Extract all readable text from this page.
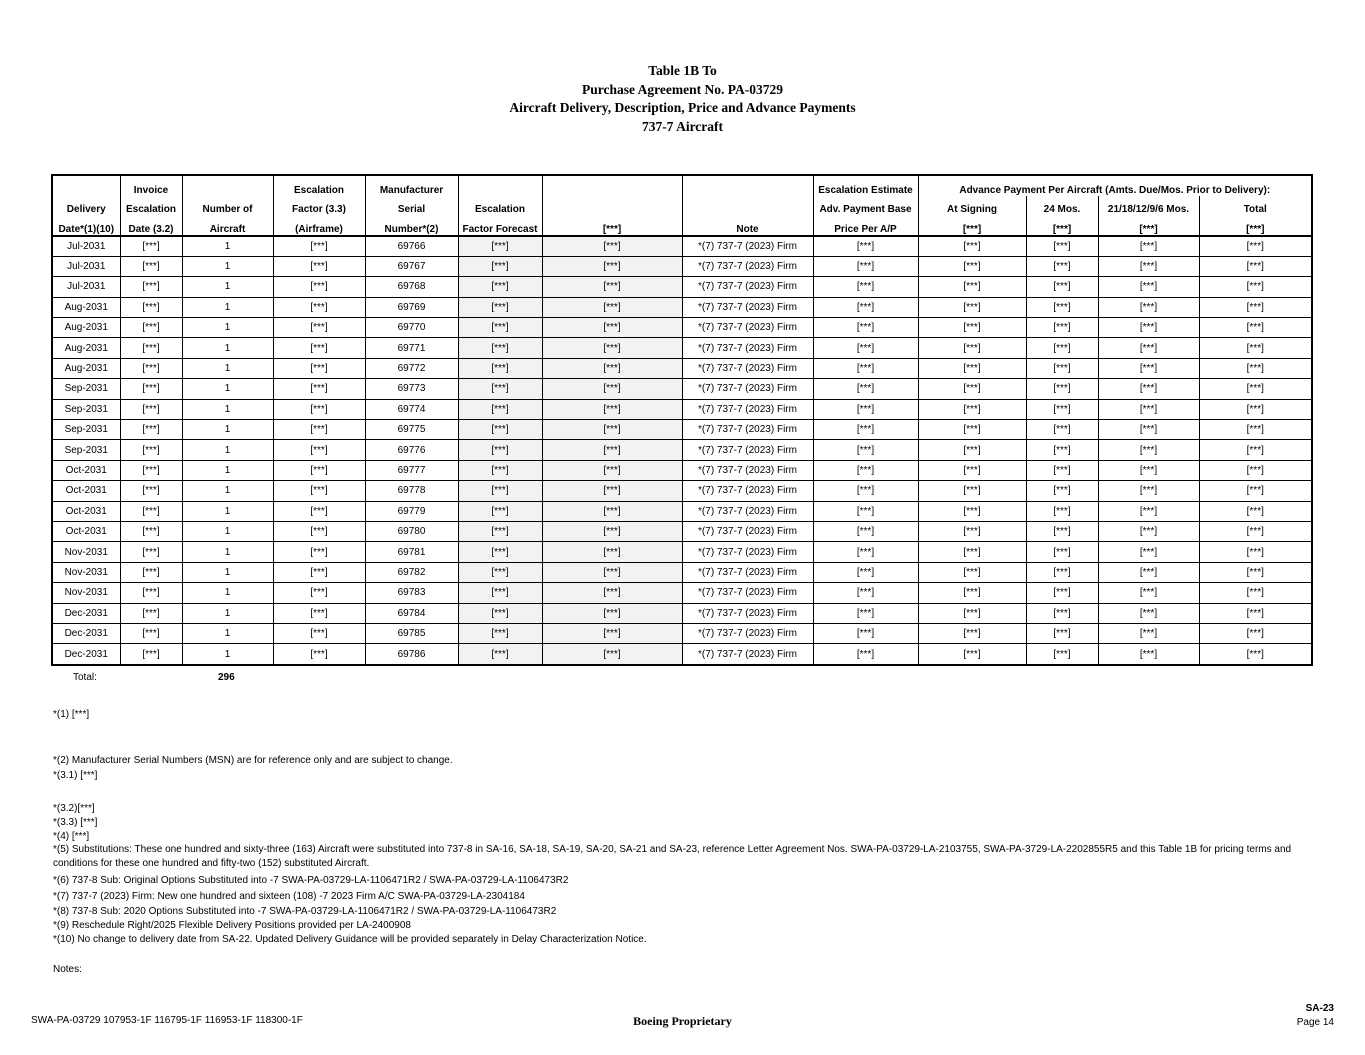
Table 1B To
Purchase Agreement No. PA-03729
Aircraft Delivery, Description, Price and Advance Payments
737-7 Aircraft
	Invoice		Escalation	Manufacturer				Escalation Estimate	Advance Payment Per Aircraft (Amts. Due/Mos. Prior to Delivery):			
Delivery	Escalation	Number of	Factor (3.3)	Serial	Escalation			Adv. Payment Base	At Signing	24 Mos.	21/18/12/9/6 Mos.	Total
Date*(1)(10)	Date (3.2)	Aircraft	(Airframe)	Number*(2)	Factor Forecast	[***]	Note	Price Per A/P	[***]	[***]	[***]	[***]
Jul-2031	[***]	1	[***]	69766	[***]	[***]	*(7) 737-7 (2023) Firm	[***]	[***]	[***]	[***]	[***]
Jul-2031	[***]	1	[***]	69767	[***]	[***]	*(7) 737-7 (2023) Firm	[***]	[***]	[***]	[***]	[***]
Jul-2031	[***]	1	[***]	69768	[***]	[***]	*(7) 737-7 (2023) Firm	[***]	[***]	[***]	[***]	[***]
Aug-2031	[***]	1	[***]	69769	[***]	[***]	*(7) 737-7 (2023) Firm	[***]	[***]	[***]	[***]	[***]
Aug-2031	[***]	1	[***]	69770	[***]	[***]	*(7) 737-7 (2023) Firm	[***]	[***]	[***]	[***]	[***]
Aug-2031	[***]	1	[***]	69771	[***]	[***]	*(7) 737-7 (2023) Firm	[***]	[***]	[***]	[***]	[***]
Aug-2031	[***]	1	[***]	69772	[***]	[***]	*(7) 737-7 (2023) Firm	[***]	[***]	[***]	[***]	[***]
Sep-2031	[***]	1	[***]	69773	[***]	[***]	*(7) 737-7 (2023) Firm	[***]	[***]	[***]	[***]	[***]
Sep-2031	[***]	1	[***]	69774	[***]	[***]	*(7) 737-7 (2023) Firm	[***]	[***]	[***]	[***]	[***]
Sep-2031	[***]	1	[***]	69775	[***]	[***]	*(7) 737-7 (2023) Firm	[***]	[***]	[***]	[***]	[***]
Sep-2031	[***]	1	[***]	69776	[***]	[***]	*(7) 737-7 (2023) Firm	[***]	[***]	[***]	[***]	[***]
Oct-2031	[***]	1	[***]	69777	[***]	[***]	*(7) 737-7 (2023) Firm	[***]	[***]	[***]	[***]	[***]
Oct-2031	[***]	1	[***]	69778	[***]	[***]	*(7) 737-7 (2023) Firm	[***]	[***]	[***]	[***]	[***]
Oct-2031	[***]	1	[***]	69779	[***]	[***]	*(7) 737-7 (2023) Firm	[***]	[***]	[***]	[***]	[***]
Oct-2031	[***]	1	[***]	69780	[***]	[***]	*(7) 737-7 (2023) Firm	[***]	[***]	[***]	[***]	[***]
Nov-2031	[***]	1	[***]	69781	[***]	[***]	*(7) 737-7 (2023) Firm	[***]	[***]	[***]	[***]	[***]
Nov-2031	[***]	1	[***]	69782	[***]	[***]	*(7) 737-7 (2023) Firm	[***]	[***]	[***]	[***]	[***]
Nov-2031	[***]	1	[***]	69783	[***]	[***]	*(7) 737-7 (2023) Firm	[***]	[***]	[***]	[***]	[***]
Dec-2031	[***]	1	[***]	69784	[***]	[***]	*(7) 737-7 (2023) Firm	[***]	[***]	[***]	[***]	[***]
Dec-2031	[***]	1	[***]	69785	[***]	[***]	*(7) 737-7 (2023) Firm	[***]	[***]	[***]	[***]	[***]
Dec-2031	[***]	1	[***]	69786	[***]	[***]	*(7) 737-7 (2023) Firm	[***]	[***]	[***]	[***]	[***]
Total:	296
*(1) [***]
*(2) Manufacturer Serial Numbers (MSN) are for reference only and are subject to change.
*(3.1) [***]
*(3.2)[***]
*(3.3) [***]
*(4) [***]
*(5) Substitutions: These one hundred and sixty-three (163) Aircraft were substituted into 737-8 in SA-16, SA-18, SA-19, SA-20, SA-21 and SA-23, reference Letter Agreement Nos. SWA-PA-03729-LA-2103755, SWA-PA-3729-LA-2202855R5 and this Table 1B for pricing terms and conditions for these one hundred and fifty-two (152) substituted Aircraft.
*(6) 737-8 Sub: Original Options Substituted into -7 SWA-PA-03729-LA-1106471R2 / SWA-PA-03729-LA-1106473R2
*(7) 737-7 (2023) Firm: New one hundred and sixteen (108) -7 2023 Firm A/C SWA-PA-03729-LA-2304184
*(8) 737-8 Sub: 2020 Options Substituted into -7 SWA-PA-03729-LA-1106471R2 / SWA-PA-03729-LA-1106473R2
*(9) Reschedule Right/2025 Flexible Delivery Positions provided per LA-2400908
*(10) No change to delivery date from SA-22. Updated Delivery Guidance will be provided separately in Delay Characterization Notice.
Notes:
SWA-PA-03729 107953-1F 116795-1F 116953-1F 118300-1F	Boeing Proprietary
SA-23
Page 14
